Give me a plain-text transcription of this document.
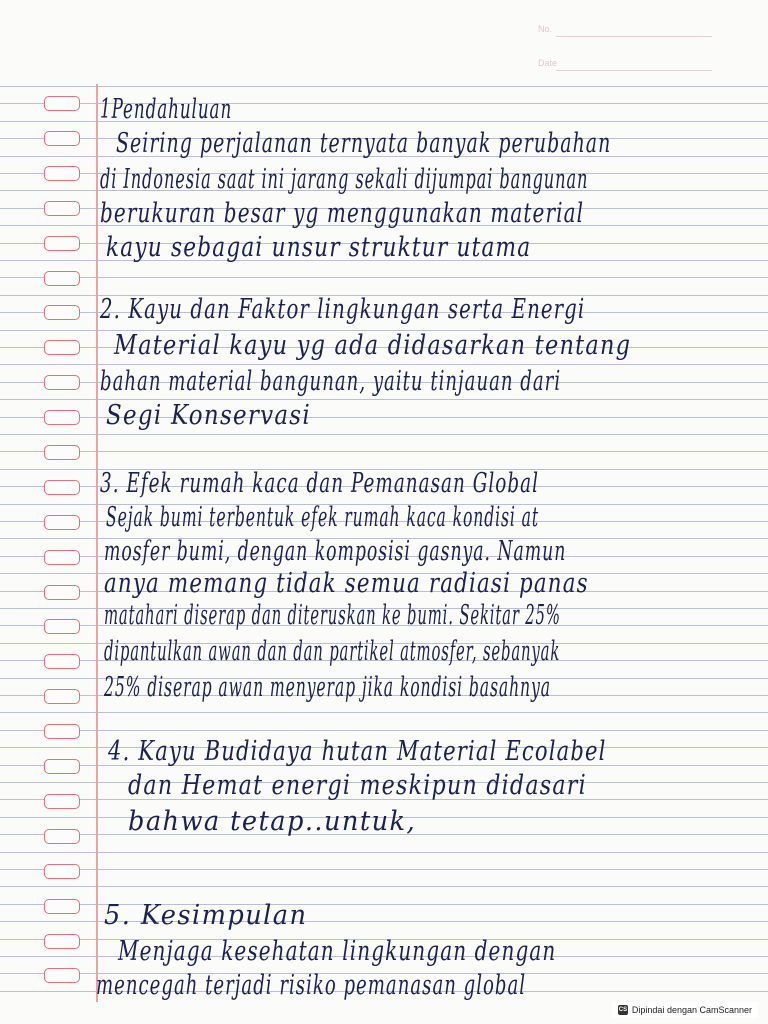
No.
Date
1Pendahuluan
Seiring perjalanan ternyata banyak perubahan
di Indonesia saat ini jarang sekali dijumpai bangunan
berukuran besar yg menggunakan material
kayu sebagai unsur struktur utama
2. Kayu dan Faktor lingkungan serta Energi
Material kayu yg ada didasarkan tentang
bahan material bangunan, yaitu tinjauan dari
Segi Konservasi
3. Efek rumah kaca dan Pemanasan Global
Sejak bumi terbentuk efek rumah kaca kondisi at
mosfer bumi, dengan komposisi gasnya. Namun
anya memang tidak semua radiasi panas
matahari diserap dan diteruskan ke bumi. Sekitar 25%
dipantulkan awan dan dan partikel atmosfer, sebanyak
25% diserap awan menyerap jika kondisi basahnya
4. Kayu Budidaya hutan Material Ecolabel
dan Hemat energi meskipun didasari
bahwa tetap..untuk,
5. Kesimpulan
Menjaga kesehatan lingkungan dengan
mencegah terjadi risiko pemanasan global
CS Dipindai dengan CamScanner
